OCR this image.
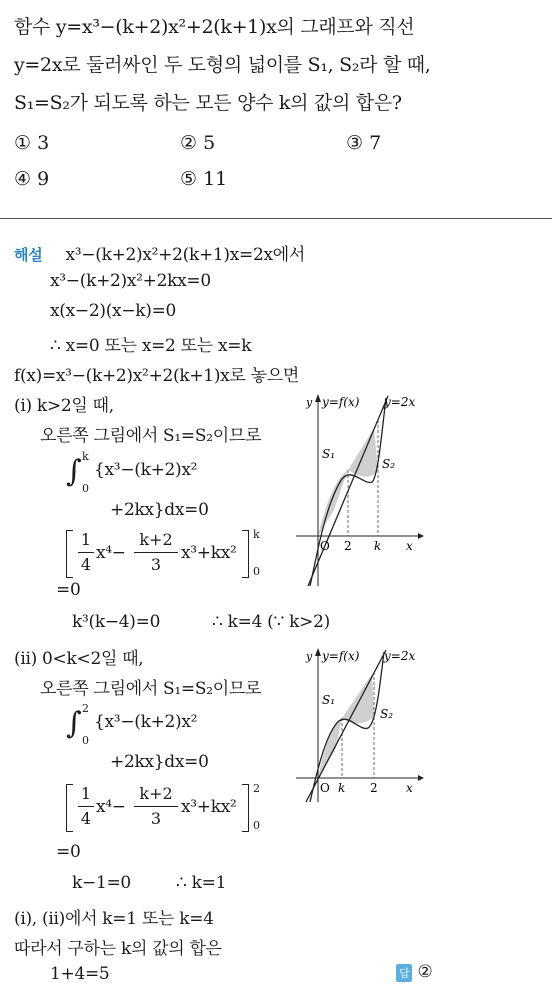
함수 y=x³−(k+2)x²+2(k+1)x의 그래프와 직선
y=2x로 둘러싸인 두 도형의 넓이를 S₁, S₂라 할 때,
S₁=S₂가 되도록 하는 모든 양수 k의 값의 합은?
① 3	② 5	③ 7
④ 9	⑤ 11
해설 x³−(k+2)x²+2(k+1)x=2x에서
x³−(k+2)x²+2kx=0
x(x−2)(x−k)=0
∴ x=0 또는 x=2 또는 x=k
f(x)=x³−(k+2)x²+2(k+1)x로 놓으면
(i) k>2일 때,
오른쪽 그림에서 S₁=S₂이므로
∫ k
0
{x³−(k+2)x²
+2kx}dx=0
1
4
x⁴−
k+2
3
x³+kx²
k
0
=0
k³(k−4)=0	∴ k=4 (∵ k>2)
(ii) 0<k<2일 때,
오른쪽 그림에서 S₁=S₂이므로
∫ 2
0
{x³−(k+2)x²
+2kx}dx=0
1
4
x⁴−
k+2
3
x³+kx²
2
0
=0
k−1=0	∴ k=1
(i), (ii)에서 k=1 또는 k=4
따라서 구하는 k의 값의 합은
1+4=5	답 ②
y y=f(x) y=2x
S₁
S₂
O 2 k x
y y=f(x) y=2x
S₁
S₂
O k 2 x
